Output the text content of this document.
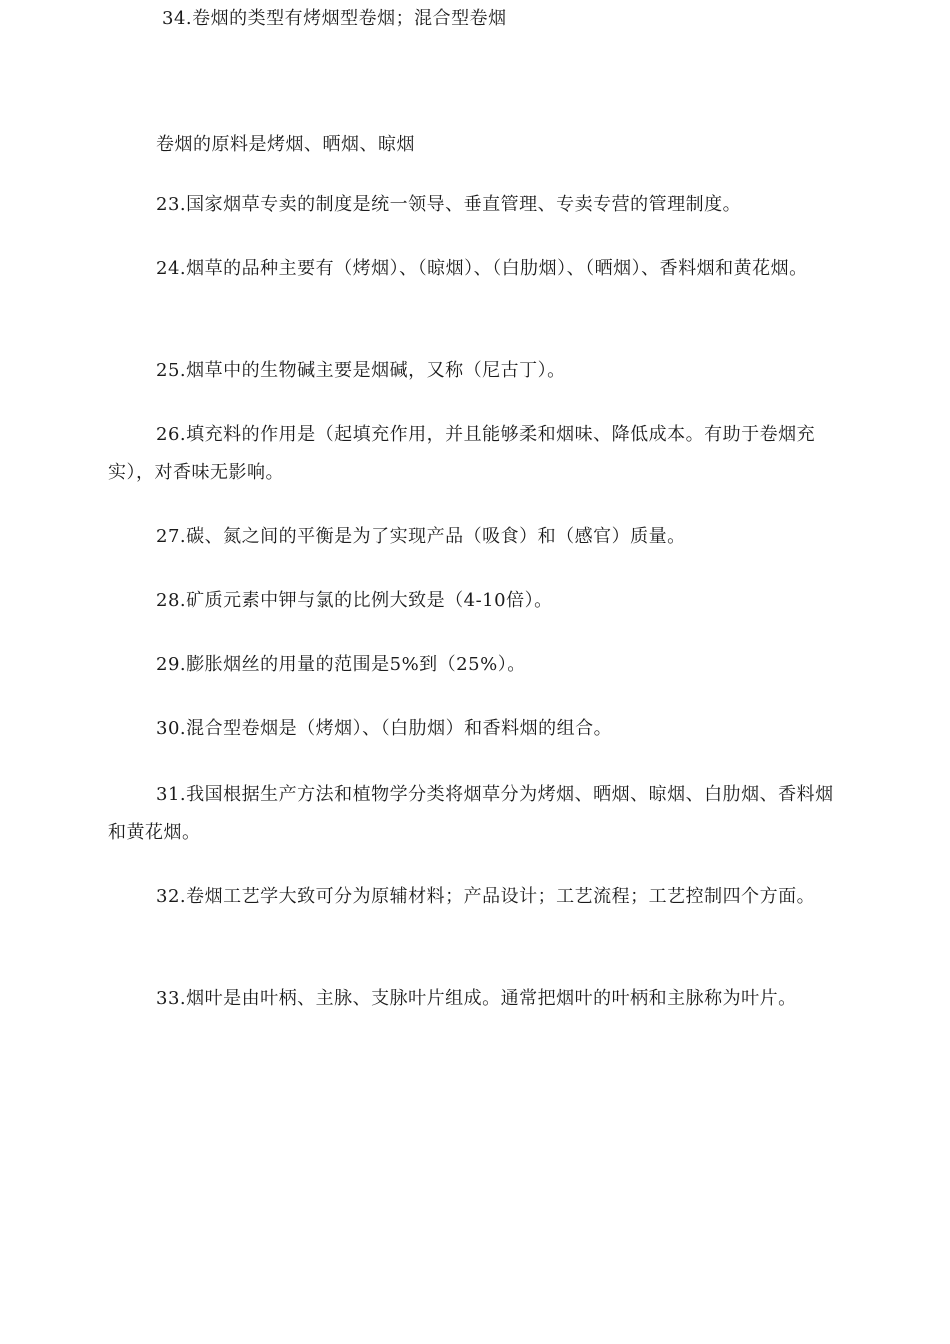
34.卷烟的类型有烤烟型卷烟；混合型卷烟

卷烟的原料是烤烟、晒烟、晾烟

23.国家烟草专卖的制度是统一领导、垂直管理、专卖专营的管理制度。

24.烟草的品种主要有（烤烟）、（晾烟）、（白肋烟）、（晒烟）、香料烟和黄花烟。

25.烟草中的生物碱主要是烟碱，又称（尼古丁）。

26.填充料的作用是（起填充作用，并且能够柔和烟味、降低成本。有助于卷烟充实），对香味无影响。

27.碳、氮之间的平衡是为了实现产品（吸食）和（感官）质量。

28.矿质元素中钾与氯的比例大致是（4-10倍）。

29.膨胀烟丝的用量的范围是5%到（25%）。

30.混合型卷烟是（烤烟）、（白肋烟）和香料烟的组合。

31.我国根据生产方法和植物学分类将烟草分为烤烟、晒烟、晾烟、白肋烟、香料烟和黄花烟。

32.卷烟工艺学大致可分为原辅材料；产品设计；工艺流程；工艺控制四个方面。

33.烟叶是由叶柄、主脉、支脉叶片组成。通常把烟叶的叶柄和主脉称为叶片。
